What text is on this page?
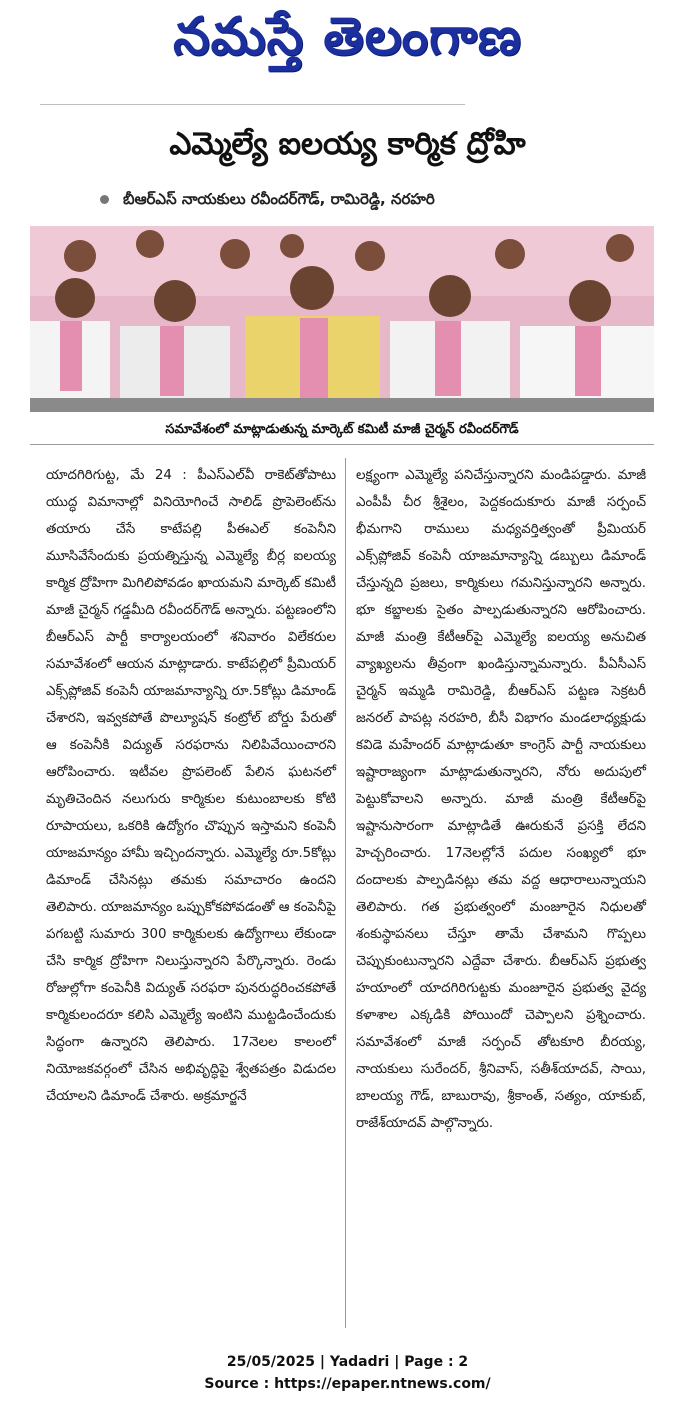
నమస్తే తెలంగాణ
ఎమ్మెల్యే ఐలయ్య కార్మిక ద్రోహి
బీఆర్ఎస్ నాయకులు రవీందర్‌గౌడ్, రామిరెడ్డి, నరహరి
సమావేశంలో మాట్లాడుతున్న మార్కెట్ కమిటీ మాజీ చైర్మన్ రవీందర్‌గౌడ్

యాదగిరిగుట్ట, మే 24 : పీఎస్ఎల్‌వీ రాకెట్‌తోపాటు యుద్ధ విమానాల్లో వినియోగించే సాలిడ్ ప్రొపెలెంట్‌ను తయారు చేసే కాటేపల్లి పీఈఎల్ కంపెనీని మూసివేసేందుకు ప్రయత్నిస్తున్న ఎమ్మెల్యే బీర్ల ఐలయ్య కార్మిక ద్రోహిగా మిగిలిపోవడం ఖాయమని మార్కెట్ కమిటీ మాజీ చైర్మన్ గడ్డమీది రవీందర్‌గౌడ్ అన్నారు. పట్టణంలోని బీఆర్ఎస్ పార్టీ కార్యాలయంలో శనివారం విలేకరుల సమావేశంలో ఆయన మాట్లాడారు. కాటేపల్లిలో ప్రీమియర్ ఎక్స్‌ప్లోజివ్ కంపెనీ యాజమాన్యాన్ని రూ.5కోట్లు డిమాండ్ చేశారని, ఇవ్వకపోతే పొల్యూషన్ కంట్రోల్ బోర్డు పేరుతో ఆ కంపెనీకి విద్యుత్ సరఫరాను నిలిపివేయించారని ఆరోపించారు. ఇటీవల ప్రొపలెంట్ పేలిన ఘటనలో మృతిచెందిన నలుగురు కార్మికుల కుటుంబాలకు కోటి రూపాయలు, ఒకరికి ఉద్యోగం చొప్పున ఇస్తామని కంపెనీ యాజమాన్యం హామీ ఇచ్చిందన్నారు. ఎమ్మెల్యే రూ.5కోట్లు డిమాండ్ చేసినట్లు తమకు సమాచారం ఉందని తెలిపారు. యాజమాన్యం ఒప్పుకోకపోవడంతో ఆ కంపెనీపై పగబట్టి సుమారు 300 కార్మికులకు ఉద్యోగాలు లేకుండా చేసి కార్మిక ద్రోహిగా నిలుస్తున్నారని పేర్కొన్నారు. రెండు రోజుల్లోగా కంపెనీకి విద్యుత్ సరఫరా పునరుద్ధరించకపోతే కార్మికులందరూ కలిసి ఎమ్మెల్యే ఇంటిని ముట్టడించేందుకు సిద్ధంగా ఉన్నారని తెలిపారు. 17నెలల కాలంలో నియోజకవర్గంలో చేసిన అభివృద్ధిపై శ్వేతపత్రం విడుదల చేయాలని డిమాండ్ చేశారు. అక్రమార్జనే

లక్ష్యంగా ఎమ్మెల్యే పనిచేస్తున్నారని మండిపడ్డారు. మాజీ ఎంపీపీ చీర శ్రీశైలం, పెద్దకందుకూరు మాజీ సర్పంచ్ భీమగాని రాములు మధ్యవర్తిత్వంతో ప్రీమియర్ ఎక్స్‌ప్లోజివ్ కంపెనీ యాజమాన్యాన్ని డబ్బులు డిమాండ్ చేస్తున్నది ప్రజలు, కార్మికులు గమనిస్తున్నారని అన్నారు. భూ కబ్జాలకు సైతం పాల్పడుతున్నారని ఆరోపించారు. మాజీ మంత్రి కేటీఆర్‌పై ఎమ్మెల్యే ఐలయ్య అనుచిత వ్యాఖ్యలను తీవ్రంగా ఖండిస్తున్నామన్నారు. పీఏసీఎస్ చైర్మన్ ఇమ్మడి రామిరెడ్డి, బీఆర్ఎస్ పట్టణ సెక్రటరీ జనరల్ పాపట్ల నరహరి, బీసీ విభాగం మండలాధ్యక్షుడు కవిడె మహేందర్ మాట్లాడుతూ కాంగ్రెస్ పార్టీ నాయకులు ఇష్టారాజ్యంగా మాట్లాడుతున్నారని, నోరు అదుపులో పెట్టుకోవాలని అన్నారు. మాజీ మంత్రి కేటీఆర్‌పై ఇష్టానుసారంగా మాట్లాడితే ఊరుకునే ప్రసక్తి లేదని హెచ్చరించారు. 17నెలల్లోనే పదుల సంఖ్యలో భూ దందాలకు పాల్పడినట్లు తమ వద్ద ఆధారాలున్నాయని తెలిపారు. గత ప్రభుత్వంలో మంజూరైన నిధులతో శంకుస్థాపనలు చేస్తూ తామే చేశామని గొప్పలు చెప్పుకుంటున్నారని ఎద్దేవా చేశారు. బీఆర్ఎస్ ప్రభుత్వ హయాంలో యాదగిరిగుట్టకు మంజూరైన ప్రభుత్వ వైద్య కళాశాల ఎక్కడికి పోయిందో చెప్పాలని ప్రశ్నించారు. సమావేశంలో మాజీ సర్పంచ్ తోటకూరి బీరయ్య, నాయకులు సురేందర్, శ్రీనివాస్, సతీశ్‌యాదవ్, సాయి, బాలయ్య గౌడ్, బాబురావు, శ్రీకాంత్, సత్యం, యాకుబ్, రాజేశ్‌యాదవ్ పాల్గొన్నారు.

25/05/2025 | Yadadri | Page : 2
Source : https://epaper.ntnews.com/
